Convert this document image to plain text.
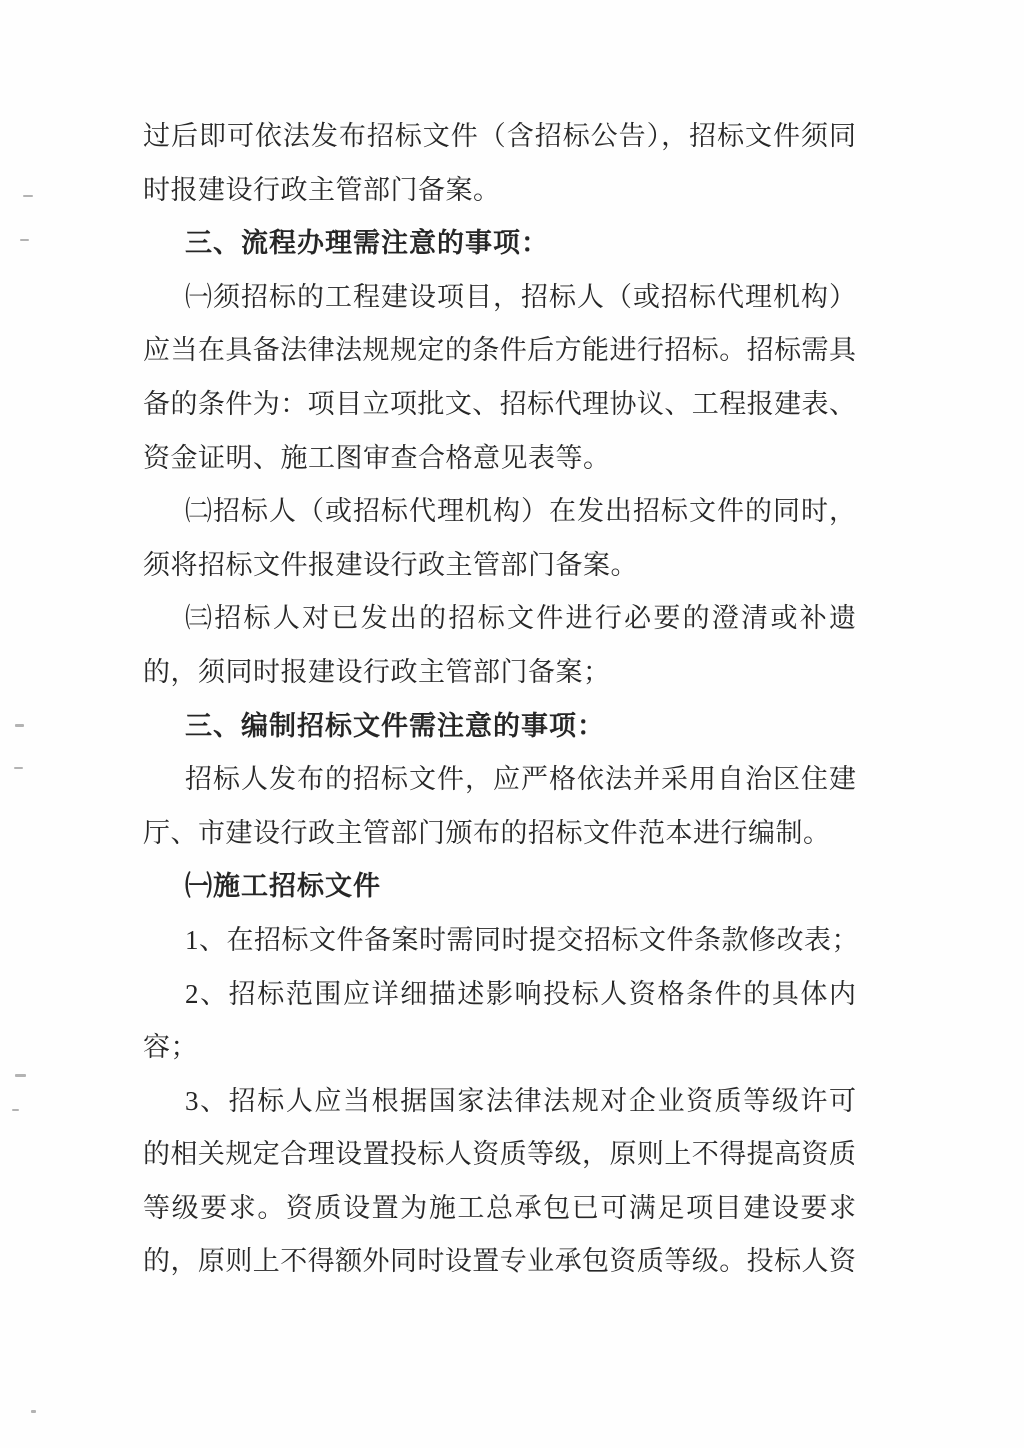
过后即可依法发布招标文件（含招标公告），招标文件须同
时报建设行政主管部门备案。
三、流程办理需注意的事项：
㈠须招标的工程建设项目，招标人（或招标代理机构）
应当在具备法律法规规定的条件后方能进行招标。招标需具
备的条件为：项目立项批文、招标代理协议、工程报建表、
资金证明、施工图审查合格意见表等。
㈡招标人（或招标代理机构）在发出招标文件的同时，
须将招标文件报建设行政主管部门备案。
㈢招标人对已发出的招标文件进行必要的澄清或补遗
的，须同时报建设行政主管部门备案；
三、编制招标文件需注意的事项：
招标人发布的招标文件，应严格依法并采用自治区住建
厅、市建设行政主管部门颁布的招标文件范本进行编制。
㈠施工招标文件
1、在招标文件备案时需同时提交招标文件条款修改表；
2、招标范围应详细描述影响投标人资格条件的具体内
容；
3、招标人应当根据国家法律法规对企业资质等级许可
的相关规定合理设置投标人资质等级，原则上不得提高资质
等级要求。资质设置为施工总承包已可满足项目建设要求
的，原则上不得额外同时设置专业承包资质等级。投标人资
